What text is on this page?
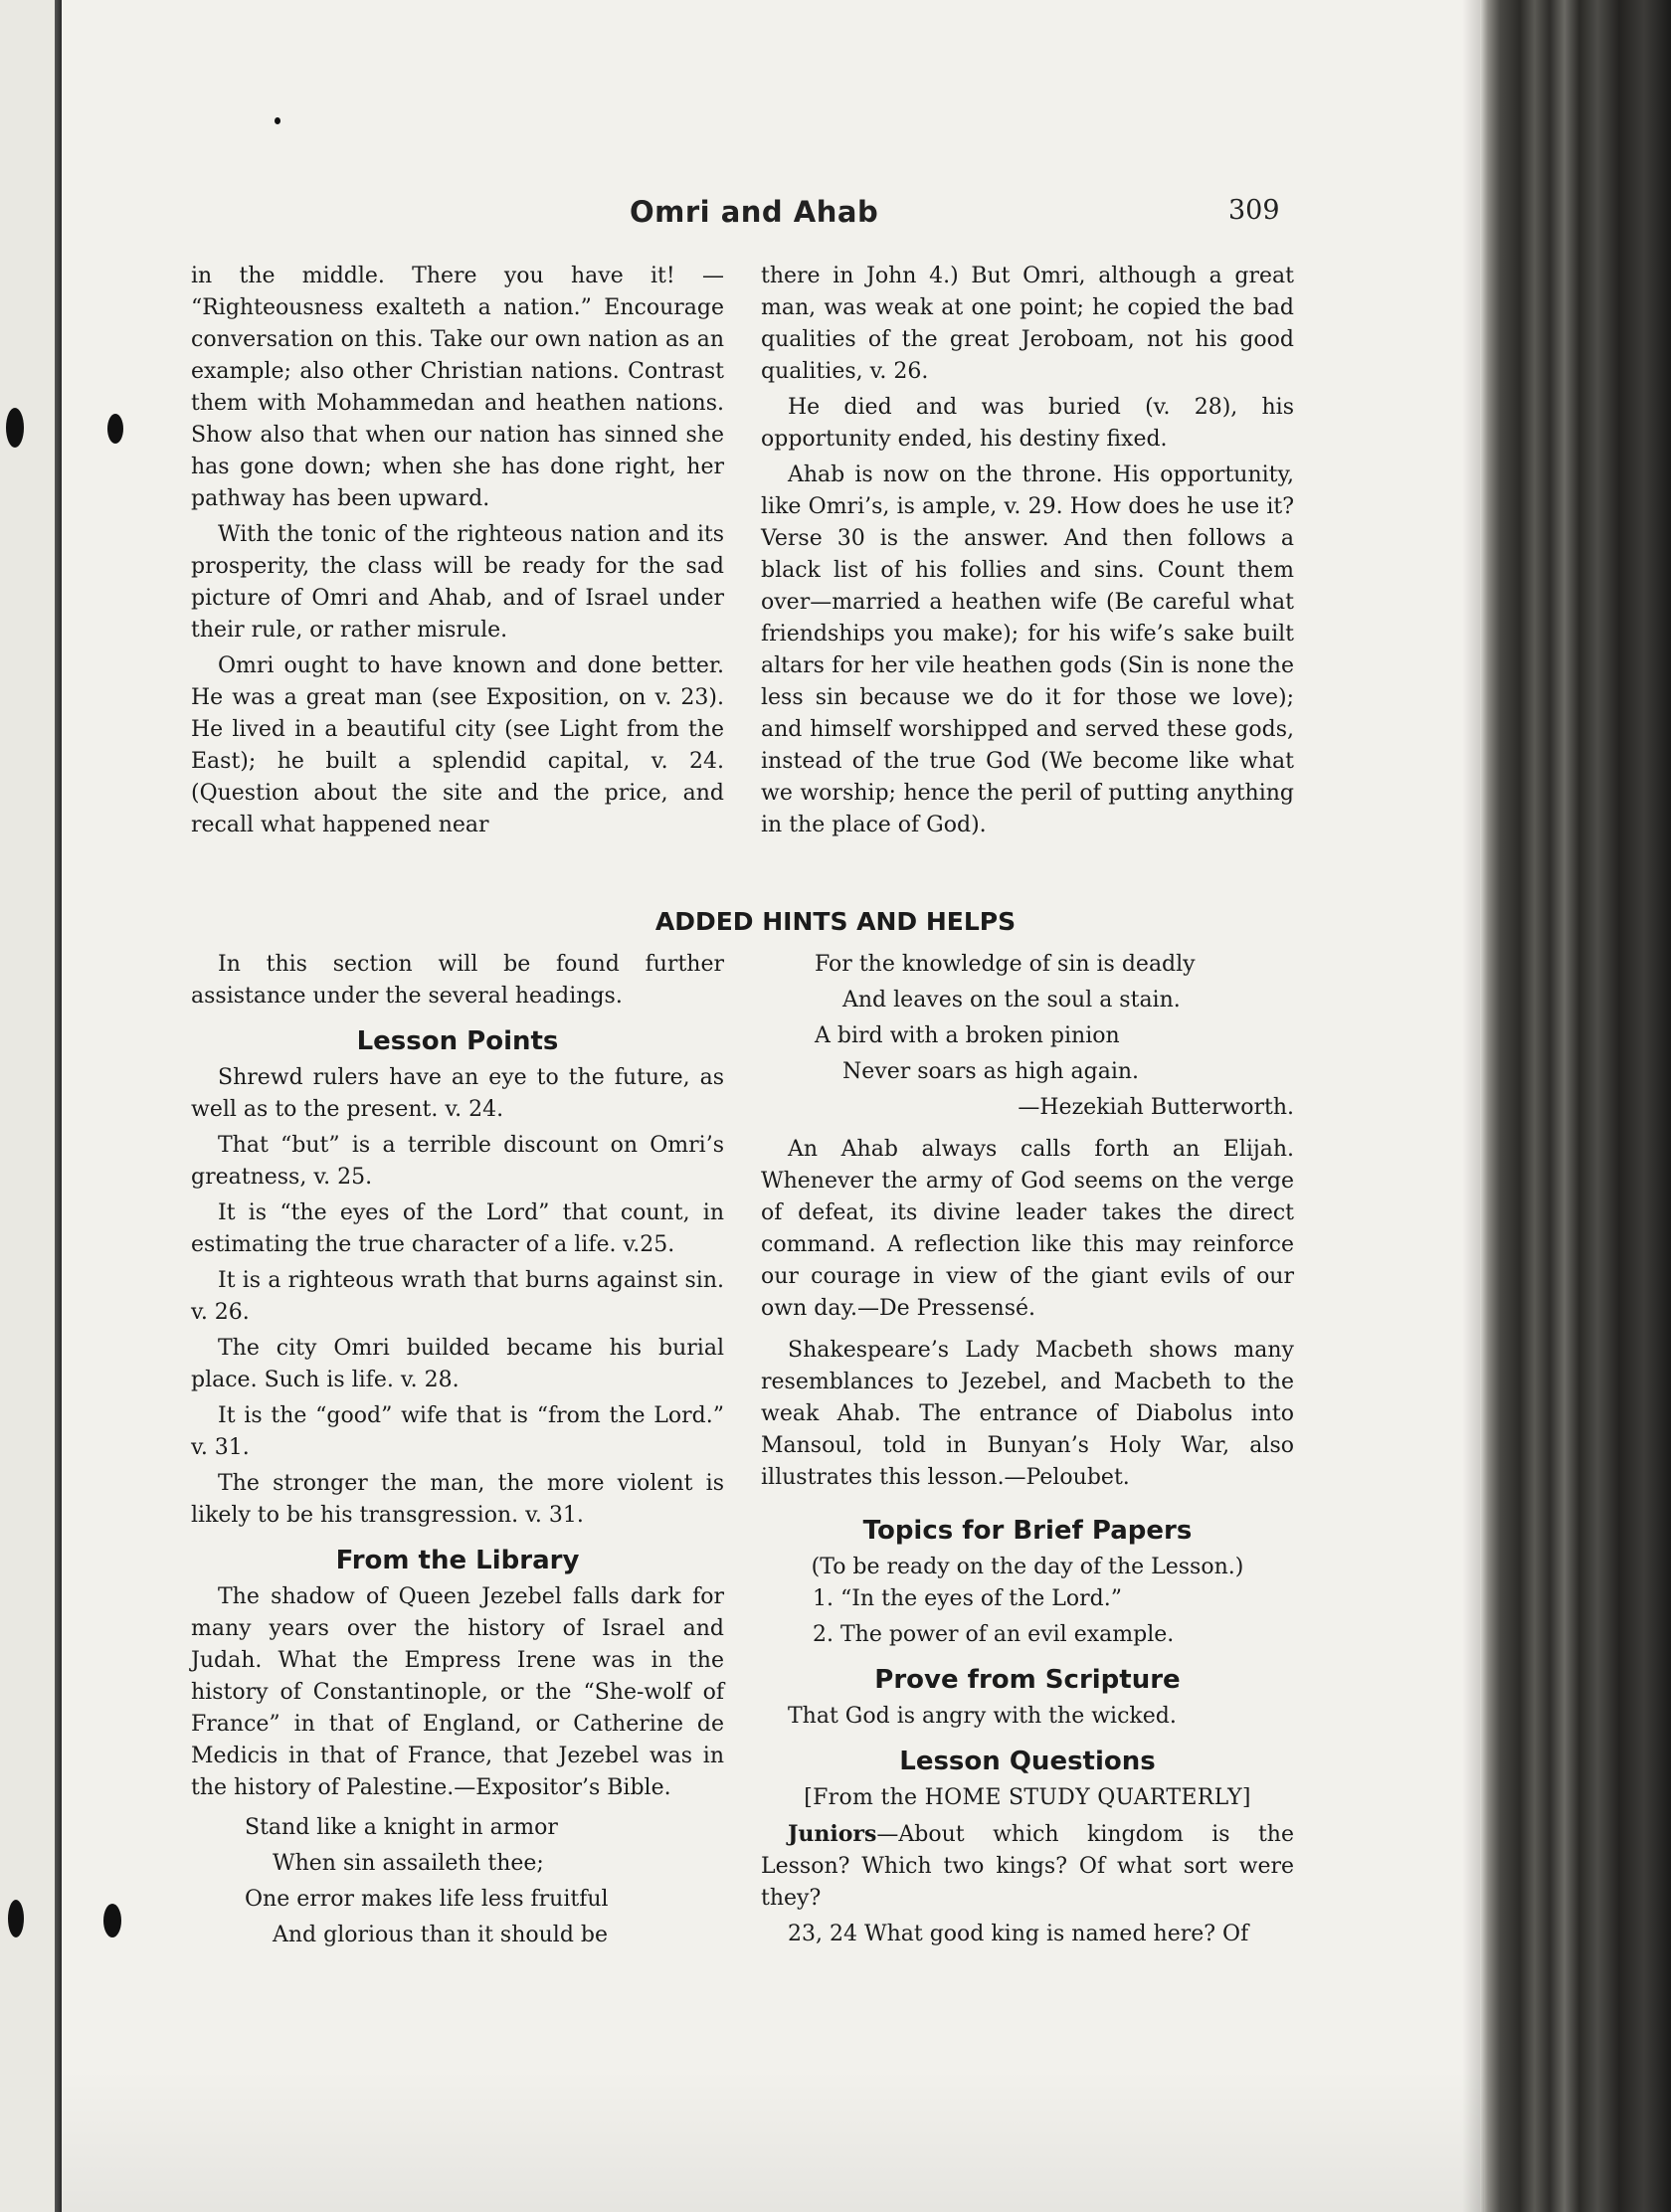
Omri and Ahab	309

in the middle. There you have it! — “Righteousness exalteth a nation.” Encourage conversation on this. Take our own nation as an example; also other Christian nations. Contrast them with Mohammedan and heathen nations. Show also that when our nation has sinned she has gone down; when she has done right, her pathway has been upward.

With the tonic of the righteous nation and its prosperity, the class will be ready for the sad picture of Omri and Ahab, and of Israel under their rule, or rather misrule.

Omri ought to have known and done better. He was a great man (see Exposition, on v. 23). He lived in a beautiful city (see Light from the East); he built a splendid capital, v. 24. (Question about the site and the price, and recall what happened near

there in John 4.) But Omri, although a great man, was weak at one point; he copied the bad qualities of the great Jeroboam, not his good qualities, v. 26.

He died and was buried (v. 28), his opportunity ended, his destiny fixed.

Ahab is now on the throne. His opportunity, like Omri’s, is ample, v. 29. How does he use it? Verse 30 is the answer. And then follows a black list of his follies and sins. Count them over—married a heathen wife (Be careful what friendships you make); for his wife’s sake built altars for her vile heathen gods (Sin is none the less sin because we do it for those we love); and himself worshipped and served these gods, instead of the true God (We become like what we worship; hence the peril of putting anything in the place of God).

ADDED HINTS AND HELPS

In this section will be found further assistance under the several headings.

Lesson Points

Shrewd rulers have an eye to the future, as well as to the present. v. 24.

That “but” is a terrible discount on Omri’s greatness, v. 25.

It is “the eyes of the Lord” that count, in estimating the true character of a life. v.25.

It is a righteous wrath that burns against sin. v. 26.

The city Omri builded became his burial place. Such is life. v. 28.

It is the “good” wife that is “from the Lord.” v. 31.

The stronger the man, the more violent is likely to be his transgression. v. 31.

From the Library

The shadow of Queen Jezebel falls dark for many years over the history of Israel and Judah. What the Empress Irene was in the history of Constantinople, or the “She-wolf of France” in that of England, or Catherine de Medicis in that of France, that Jezebel was in the history of Palestine.—Expositor’s Bible.

Stand like a knight in armor

When sin assaileth thee;

One error makes life less fruitful

And glorious than it should be

For the knowledge of sin is deadly

And leaves on the soul a stain.

A bird with a broken pinion

Never soars as high again.

—Hezekiah Butterworth.

An Ahab always calls forth an Elijah. Whenever the army of God seems on the verge of defeat, its divine leader takes the direct command. A reflection like this may reinforce our courage in view of the giant evils of our own day.—De Pressensé.

Shakespeare’s Lady Macbeth shows many resemblances to Jezebel, and Macbeth to the weak Ahab. The entrance of Diabolus into Mansoul, told in Bunyan’s Holy War, also illustrates this lesson.—Peloubet.

Topics for Brief Papers

(To be ready on the day of the Lesson.)

1. “In the eyes of the Lord.”

2. The power of an evil example.

Prove from Scripture

That God is angry with the wicked.

Lesson Questions

[From the HOME STUDY QUARTERLY]

Juniors—About which kingdom is the Lesson? Which two kings? Of what sort were they?

23, 24 What good king is named here? Of
